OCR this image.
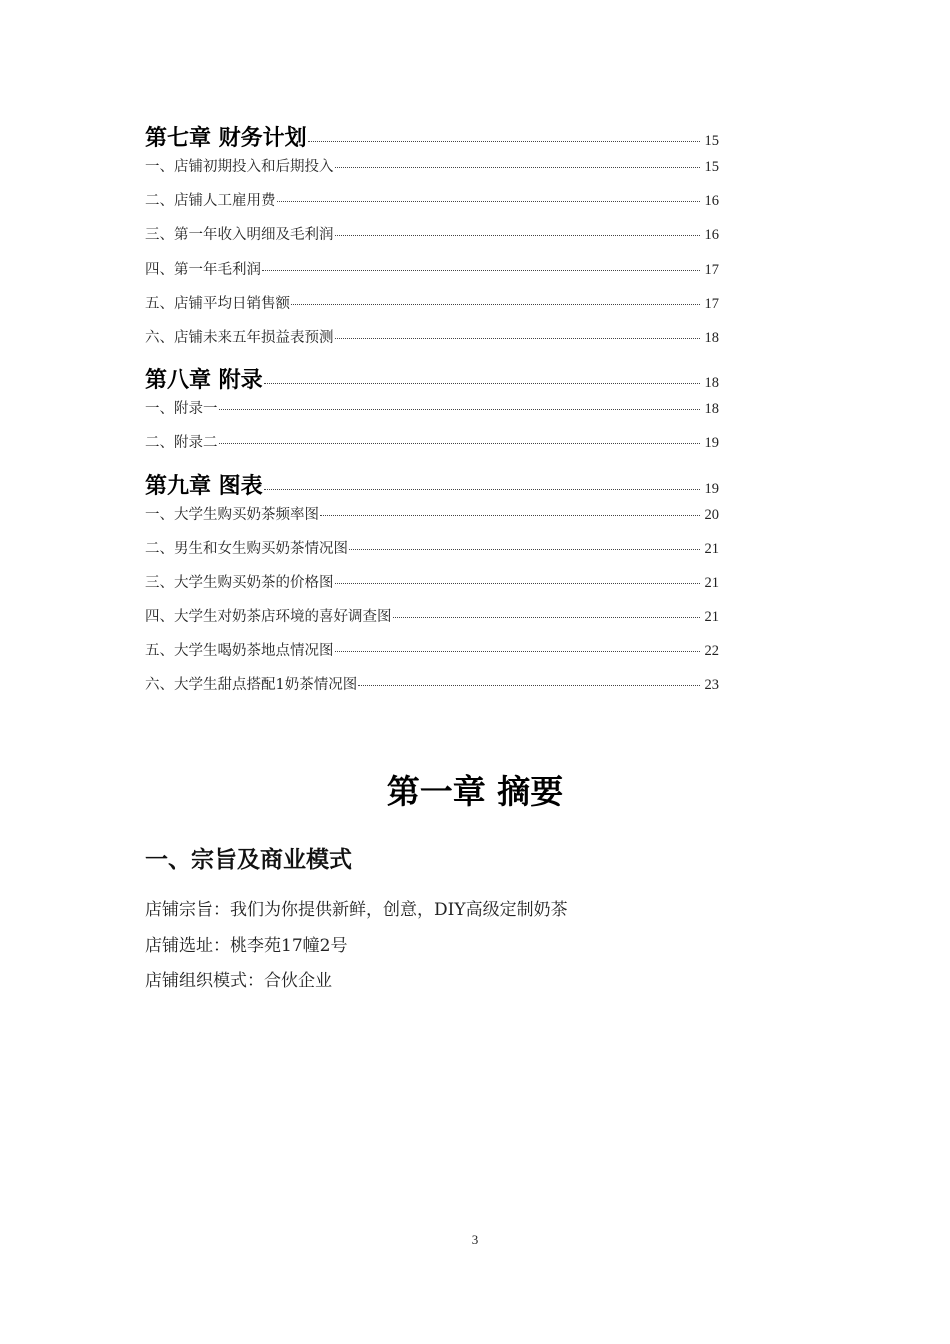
第七章 财务计划	15
一、店铺初期投入和后期投入	15
二、店铺人工雇用费	16
三、第一年收入明细及毛利润	16
四、第一年毛利润	17
五、店铺平均日销售额	17
六、店铺未来五年损益表预测	18
第八章 附录	18
一、附录一	18
二、附录二	19
第九章 图表	19
一、大学生购买奶茶频率图	20
二、男生和女生购买奶茶情况图	21
三、大学生购买奶茶的价格图	21
四、大学生对奶茶店环境的喜好调查图	21
五、大学生喝奶茶地点情况图	22
六、大学生甜点搭配1奶茶情况图	23
第一章 摘要
一、宗旨及商业模式
店铺宗旨：我们为你提供新鲜，创意，DIY高级定制奶茶
店铺选址：桃李苑17幢2号
店铺组织模式：合伙企业
3
